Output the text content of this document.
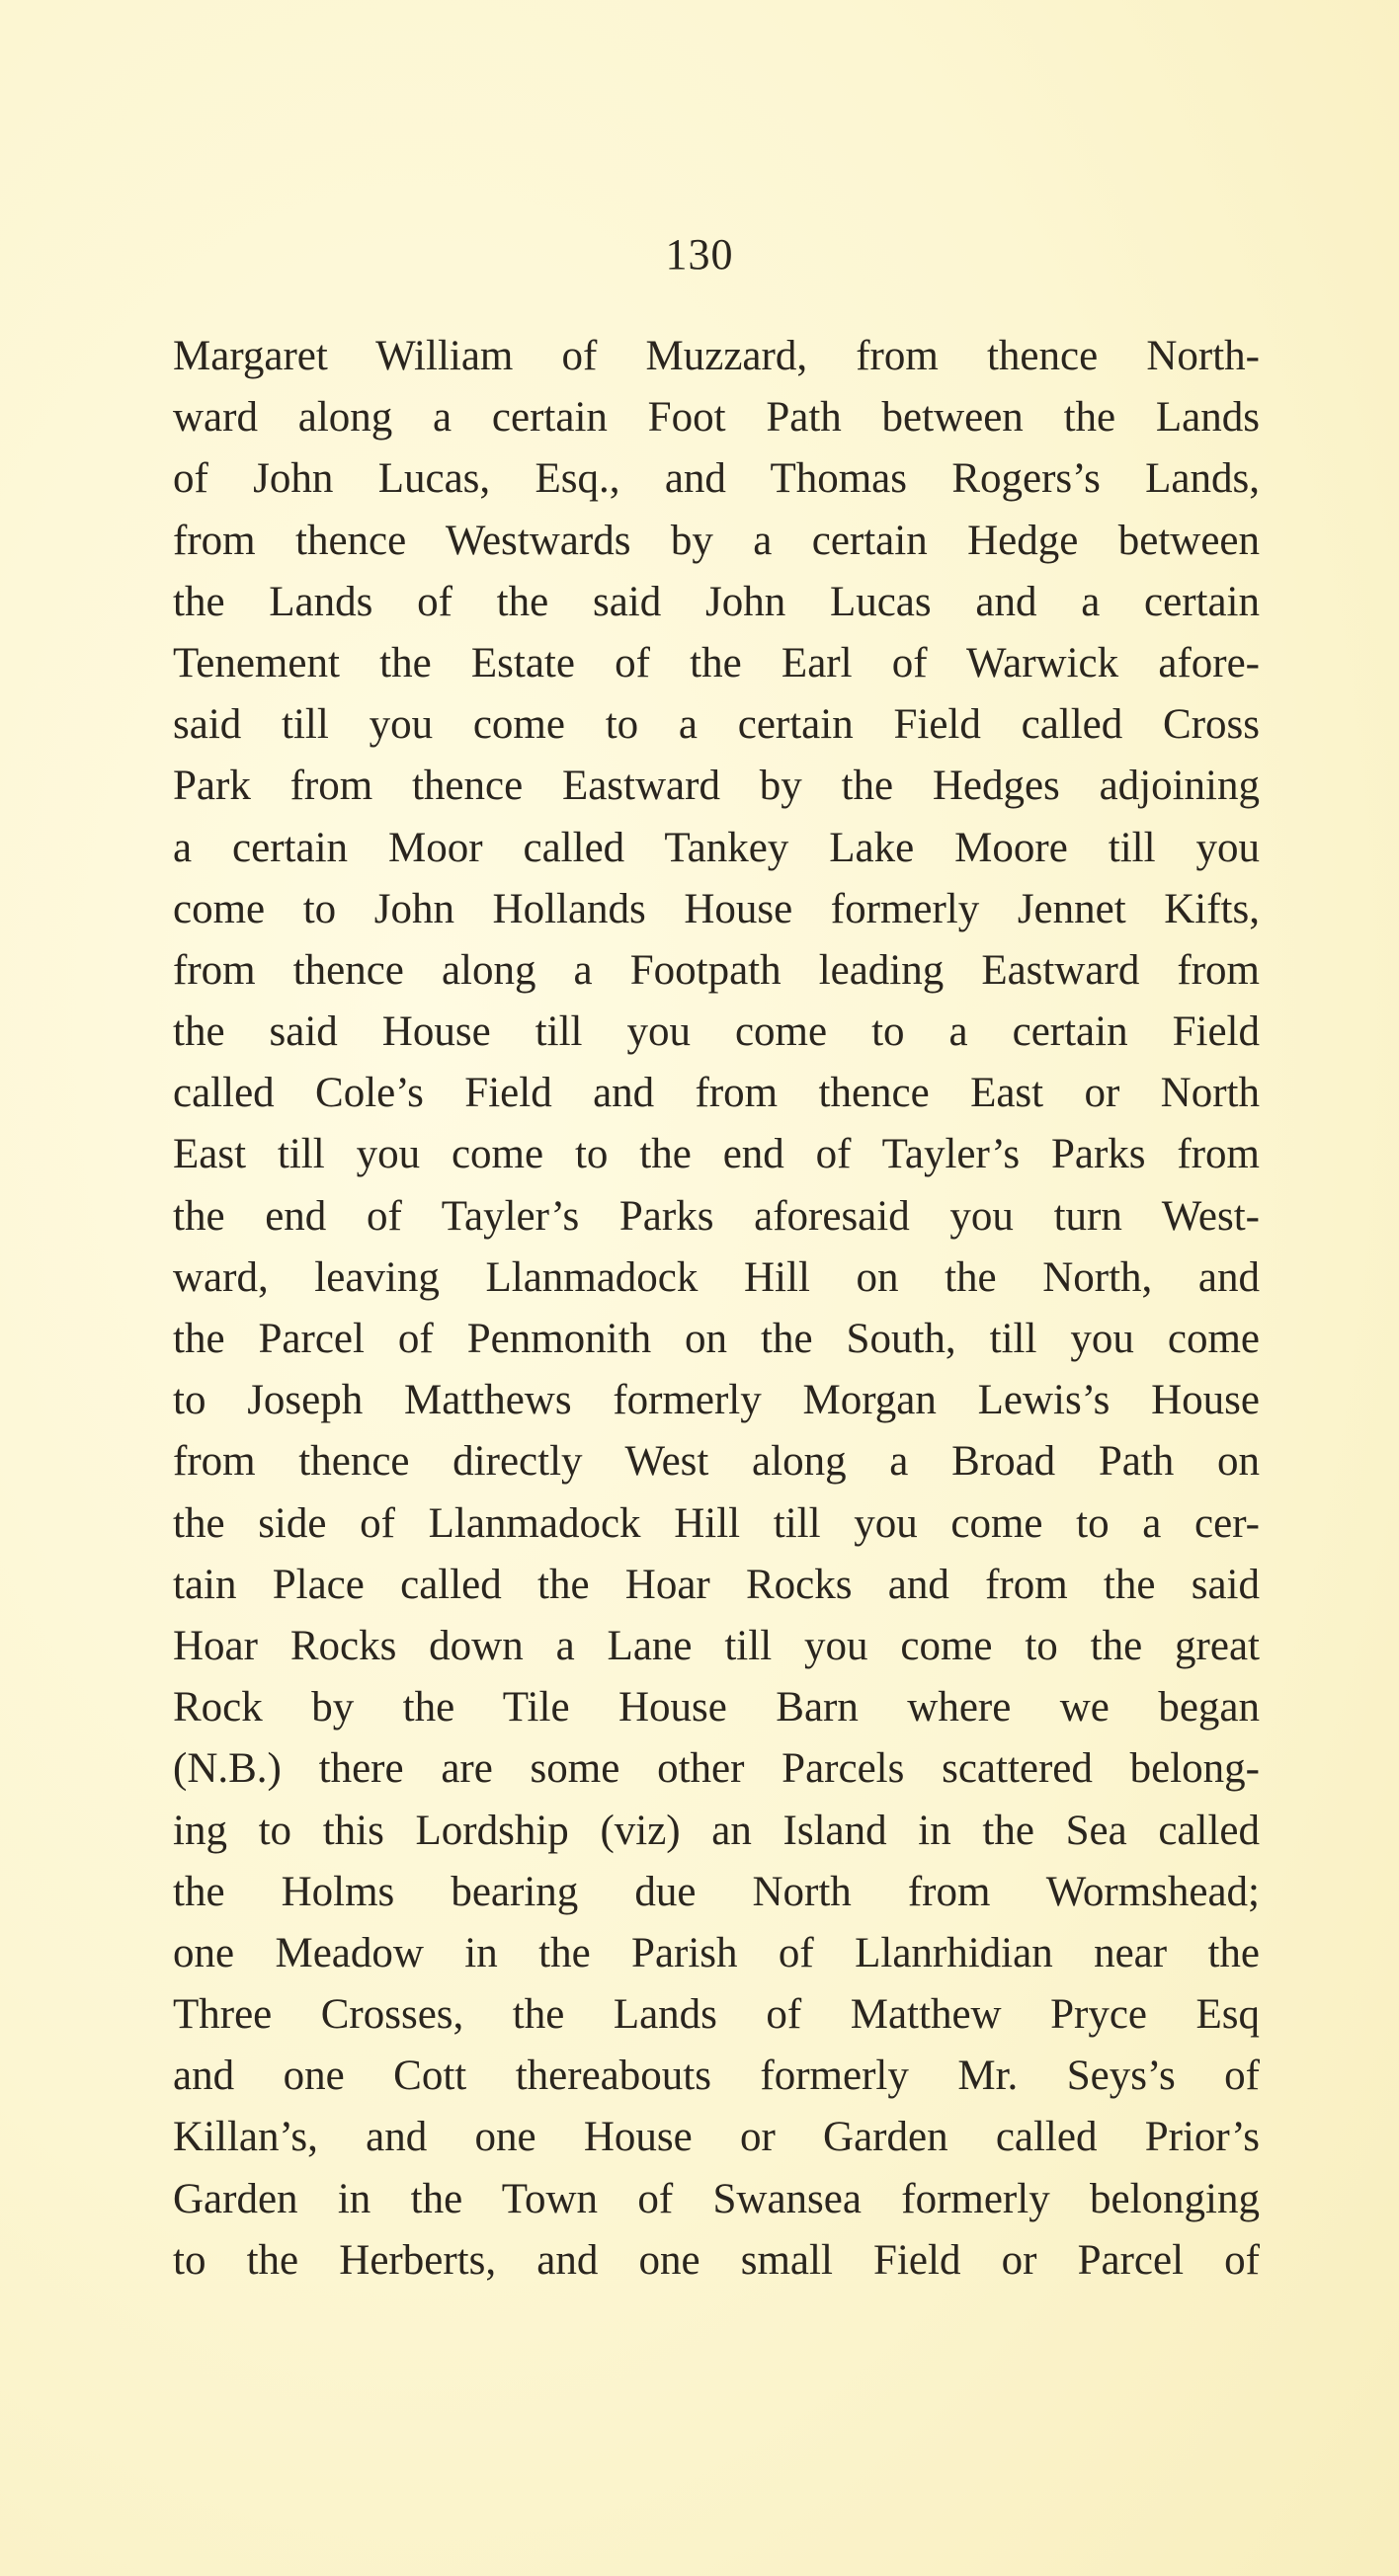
130
Margaret William of Muzzard, from thence North-
ward along a certain Foot Path between the Lands
of John Lucas, Esq., and Thomas Rogers’s Lands,
from thence Westwards by a certain Hedge between
the Lands of the said John Lucas and a certain
Tenement the Estate of the Earl of Warwick afore-
said till you come to a certain Field called Cross
Park from thence Eastward by the Hedges adjoining
a certain Moor called Tankey Lake Moore till you
come to John Hollands House formerly Jennet Kifts,
from thence along a Footpath leading Eastward from
the said House till you come to a certain Field
called Cole’s Field and from thence East or North
East till you come to the end of Tayler’s Parks from
the end of Tayler’s Parks aforesaid you turn West-
ward, leaving Llanmadock Hill on the North, and
the Parcel of Penmonith on the South, till you come
to Joseph Matthews formerly Morgan Lewis’s House
from thence directly West along a Broad Path on
the side of Llanmadock Hill till you come to a cer-
tain Place called the Hoar Rocks and from the said
Hoar Rocks down a Lane till you come to the great
Rock by the Tile House Barn where we began
(N.B.) there are some other Parcels scattered belong-
ing to this Lordship (viz) an Island in the Sea called
the Holms bearing due North from Wormshead;
one Meadow in the Parish of Llanrhidian near the
Three Crosses, the Lands of Matthew Pryce Esq
and one Cott thereabouts formerly Mr. Seys’s of
Killan’s, and one House or Garden called Prior’s
Garden in the Town of Swansea formerly belonging
to the Herberts, and one small Field or Parcel of
